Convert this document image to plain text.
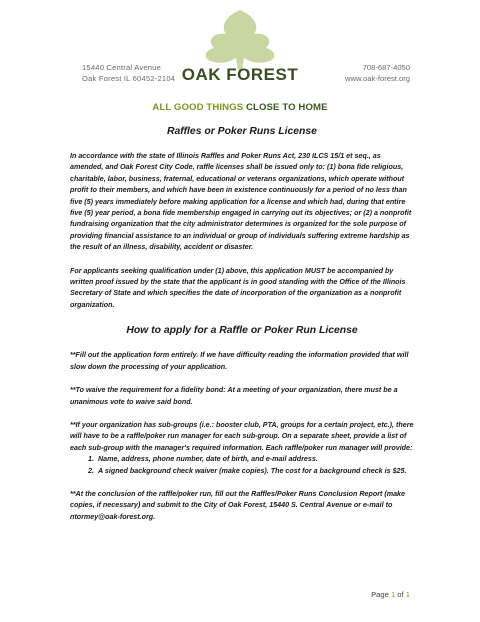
15440 Central Avenue
Oak Forest IL 60452-2104 OAK FOREST	708-687-4050
www.oak-forest.org
ALL GOOD THINGS CLOSE TO HOME
Raffles or Poker Runs License

In accordance with the state of Illinois Raffles and Poker Runs Act, 230 ILCS 15/1 et seq., as amended, and Oak Forest City Code, raffle licenses shall be issued only to: (1) bona fide religious, charitable, labor, business, fraternal, educational or veterans organizations, which operate without profit to their members, and which have been in existence continuously for a period of no less than five (5) years immediately before making application for a license and which had, during that entire five (5) year period, a bona fide membership engaged in carrying out its objectives; or (2) a nonprofit fundraising organization that the city administrator determines is organized for the sole purpose of providing financial assistance to an individual or group of individuals suffering extreme hardship as the result of an illness, disability, accident or disaster.

For applicants seeking qualification under (1) above, this application MUST be accompanied by written proof issued by the state that the applicant is in good standing with the Office of the Illinois Secretary of State and which specifies the date of incorporation of the organization as a nonprofit organization.

How to apply for a Raffle or Poker Run License

**Fill out the application form entirely. If we have difficulty reading the information provided that will slow down the processing of your application.

**To waive the requirement for a fidelity bond: At a meeting of your organization, there must be a unanimous vote to waive said bond.

**If your organization has sub-groups (i.e.: booster club, PTA, groups for a certain project, etc.), there will have to be a raffle/poker run manager for each sub-group. On a separate sheet, provide a list of each sub-group with the manager's required information. Each raffle/poker run manager will provide:

1. Name, address, phone number, date of birth, and e-mail address.
2. A signed background check waiver (make copies). The cost for a background check is $25.

**At the conclusion of the raffle/poker run, fill out the Raffles/Poker Runs Conclusion Report (make copies, if necessary) and submit to the City of Oak Forest, 15440 S. Central Avenue or e-mail to ntormey@oak-forest.org.

Page 1 of 1
